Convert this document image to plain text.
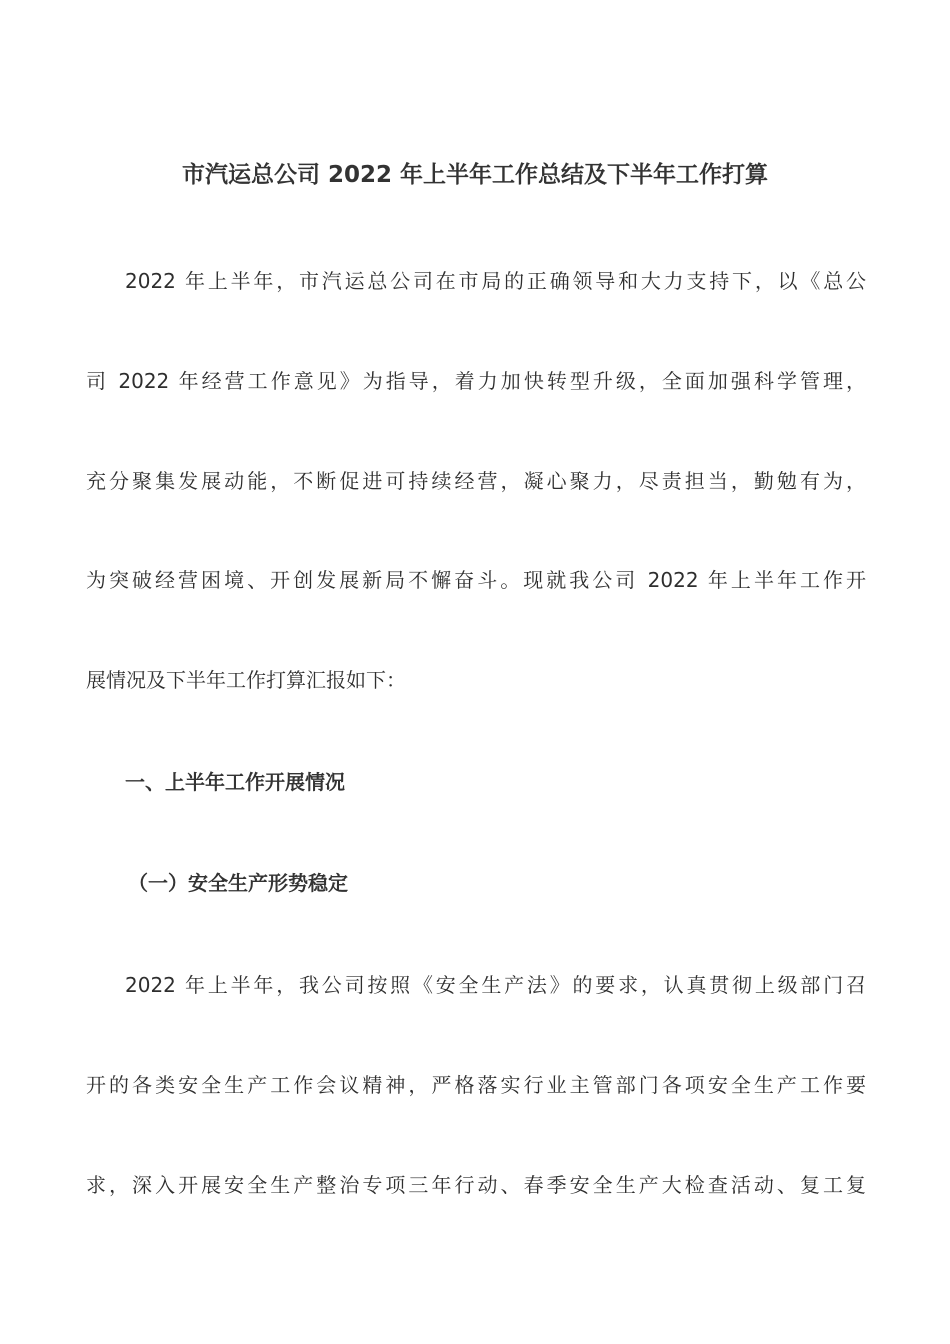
市汽运总公司 2022 年上半年工作总结及下半年工作打算
2022 年上半年，市汽运总公司在市局的正确领导和大力支持下，以《总公
司 2022 年经营工作意见》为指导，着力加快转型升级，全面加强科学管理，
充分聚集发展动能，不断促进可持续经营，凝心聚力，尽责担当，勤勉有为，
为突破经营困境、开创发展新局不懈奋斗。现就我公司 2022 年上半年工作开
展情况及下半年工作打算汇报如下：
一、上半年工作开展情况
（一）安全生产形势稳定
2022 年上半年，我公司按照《安全生产法》的要求，认真贯彻上级部门召
开的各类安全生产工作会议精神，严格落实行业主管部门各项安全生产工作要
求，深入开展安全生产整治专项三年行动、春季安全生产大检查活动、复工复
